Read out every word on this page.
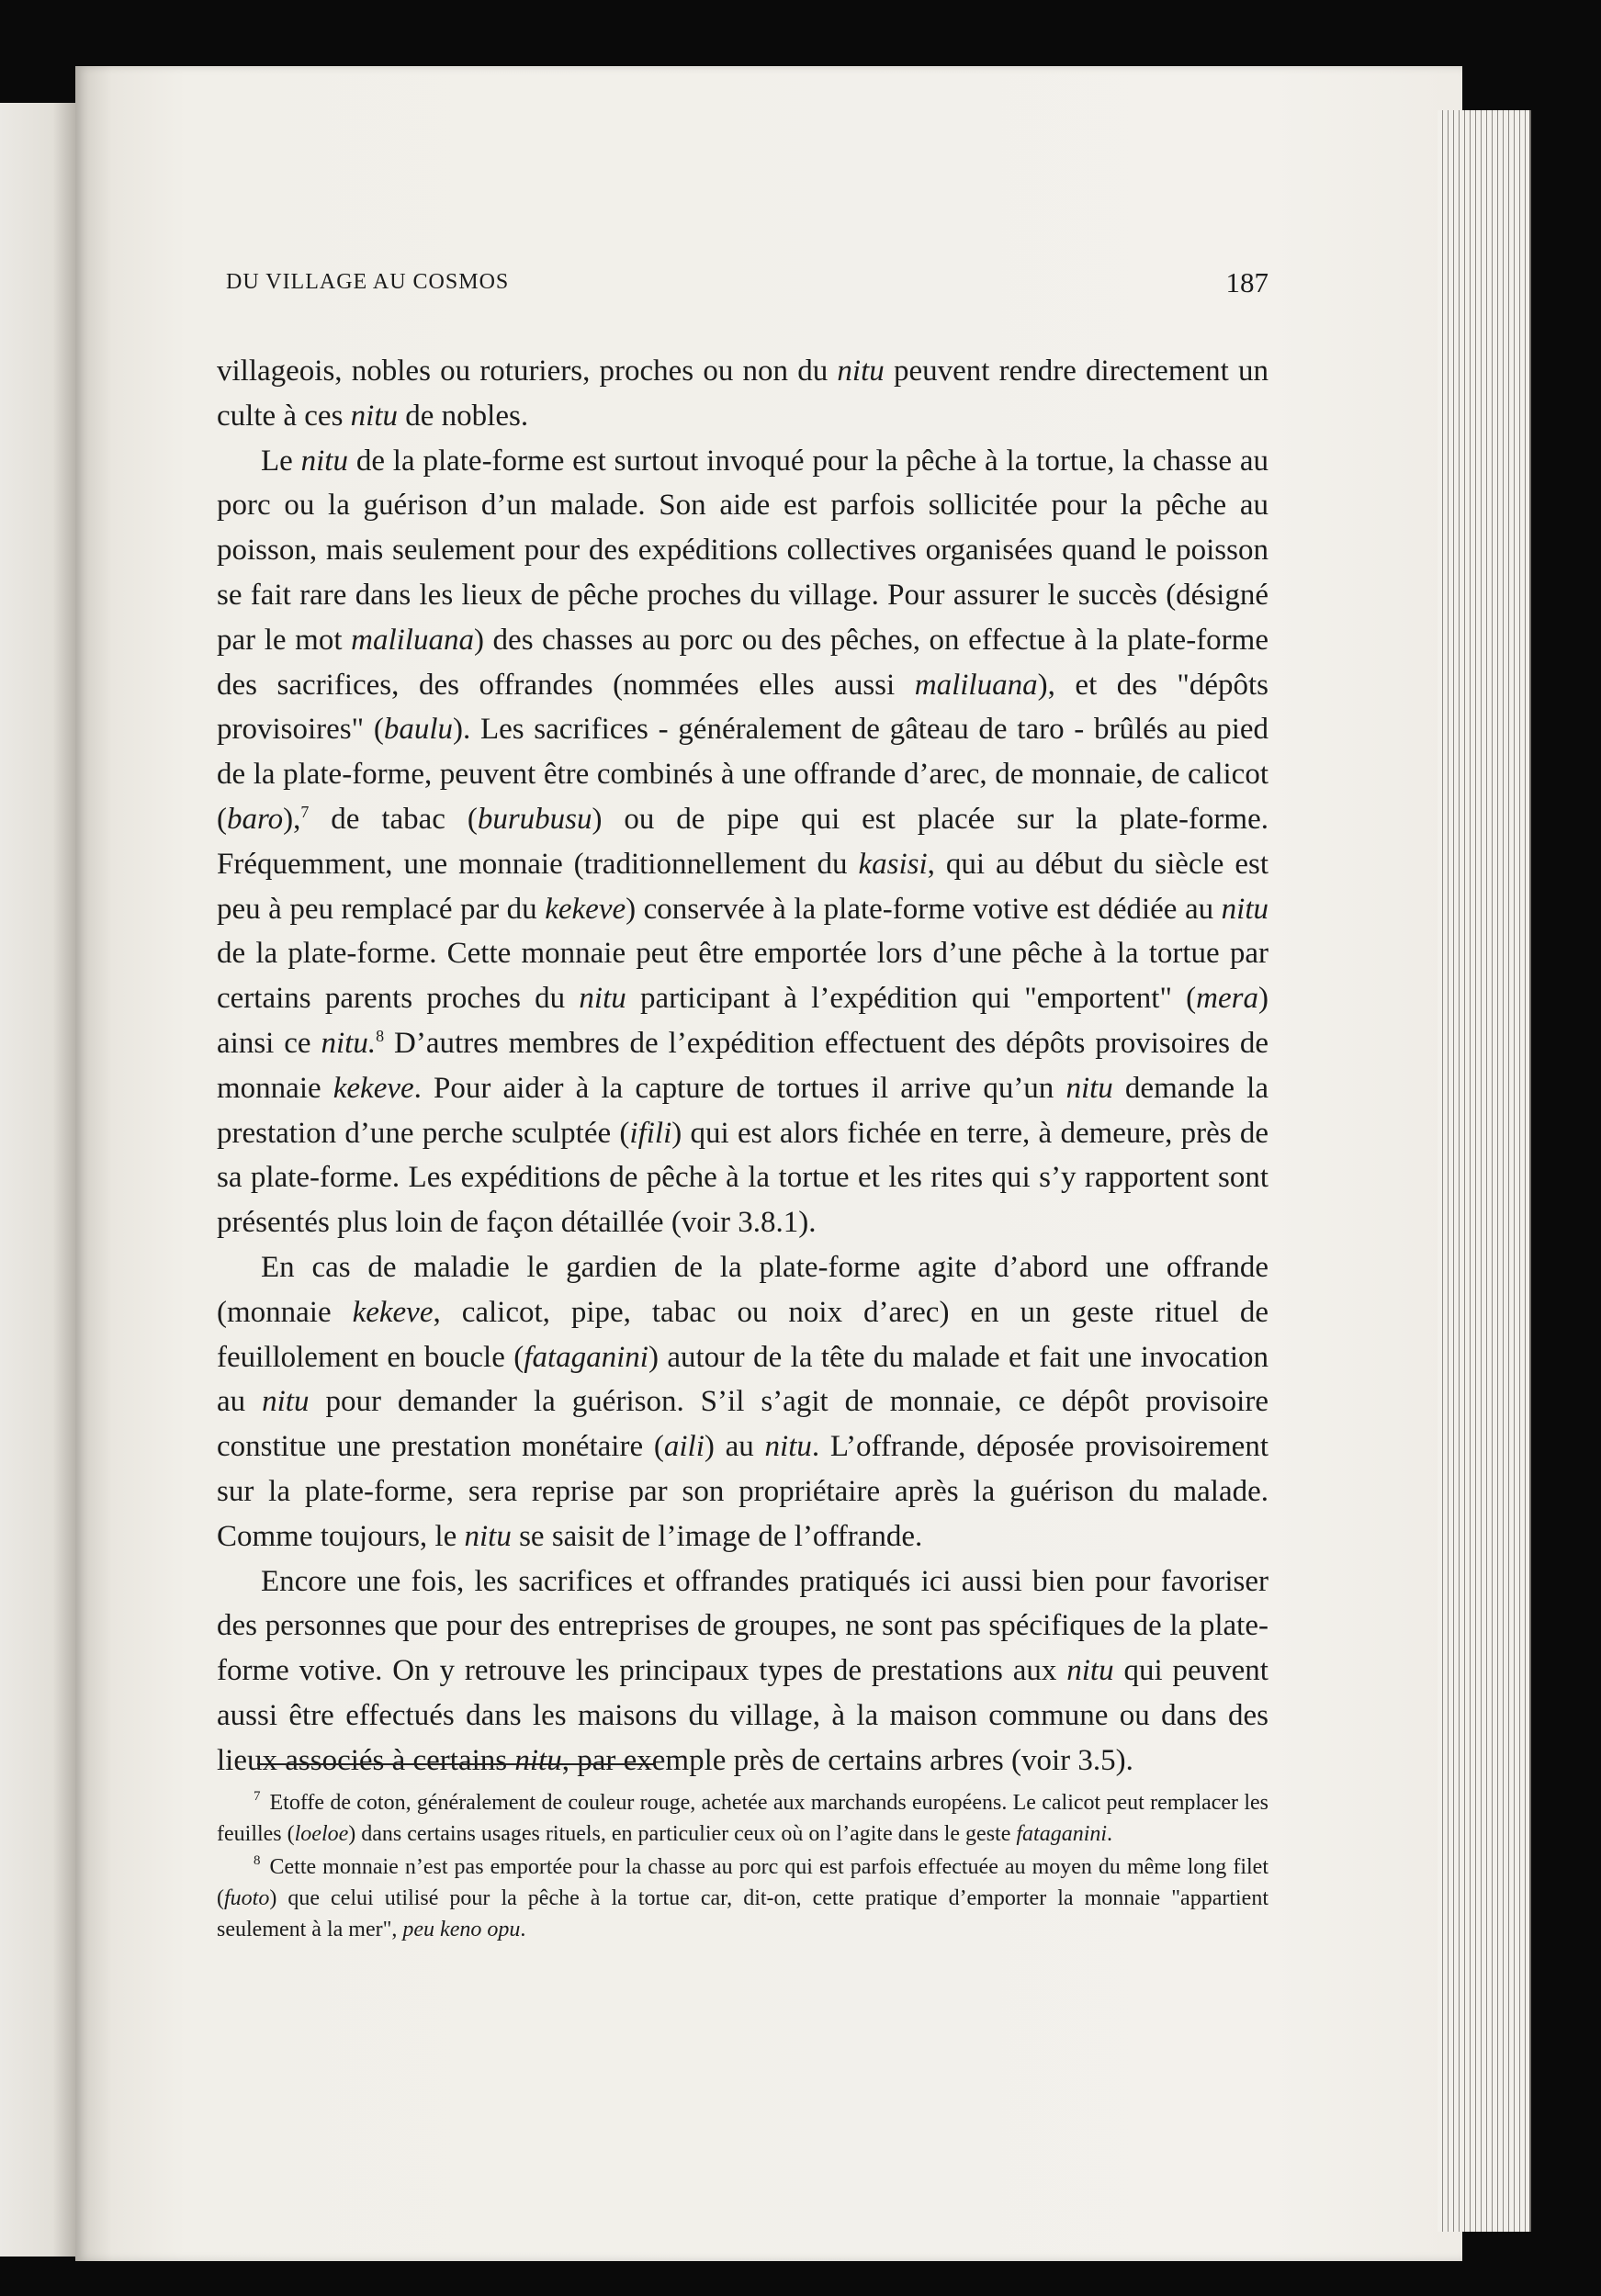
DU VILLAGE AU COSMOS	187

villageois, nobles ou roturiers, proches ou non du nitu peuvent rendre directement un culte à ces nitu de nobles.

Le nitu de la plate-forme est surtout invoqué pour la pêche à la tortue, la chasse au porc ou la guérison d’un malade. Son aide est parfois sollicitée pour la pêche au poisson, mais seulement pour des expéditions collectives organisées quand le poisson se fait rare dans les lieux de pêche proches du village. Pour assurer le succès (désigné par le mot maliluana) des chasses au porc ou des pêches, on effectue à la plate-forme des sacrifices, des offrandes (nommées elles aussi maliluana), et des "dépôts provisoires" (baulu). Les sacrifices - généralement de gâteau de taro - brûlés au pied de la plate-forme, peuvent être combinés à une offrande d’arec, de monnaie, de calicot (baro),$^7$ de tabac (burubusu) ou de pipe qui est placée sur la plate-forme. Fréquemment, une monnaie (traditionnellement du kasisi, qui au début du siècle est peu à peu remplacé par du kekeve) conservée à la plate-forme votive est dédiée au nitu de la plate-forme. Cette monnaie peut être emportée lors d’une pêche à la tortue par certains parents proches du nitu participant à l’expédition qui "emportent" (mera) ainsi ce nitu.$^8$ D’autres membres de l’expédition effectuent des dépôts provisoires de monnaie kekeve. Pour aider à la capture de tortues il arrive qu’un nitu demande la prestation d’une perche sculptée (ifili) qui est alors fichée en terre, à demeure, près de sa plate-forme. Les expéditions de pêche à la tortue et les rites qui s’y rapportent sont présentés plus loin de façon détaillée (voir 3.8.1).

En cas de maladie le gardien de la plate-forme agite d’abord une offrande (monnaie kekeve, calicot, pipe, tabac ou noix d’arec) en un geste rituel de feuillolement en boucle (fataganini) autour de la tête du malade et fait une invocation au nitu pour demander la guérison. S’il s’agit de monnaie, ce dépôt provisoire constitue une prestation monétaire (aili) au nitu. L’offrande, déposée provisoirement sur la plate-forme, sera reprise par son propriétaire après la guérison du malade. Comme toujours, le nitu se saisit de l’image de l’offrande.

Encore une fois, les sacrifices et offrandes pratiqués ici aussi bien pour favoriser des personnes que pour des entreprises de groupes, ne sont pas spécifiques de la plate-forme votive. On y retrouve les principaux types de prestations aux nitu qui peuvent aussi être effectués dans les maisons du village, à la maison commune ou dans des lieux associés à certains nitu, par exemple près de certains arbres (voir 3.5).

$^7$ Etoffe de coton, généralement de couleur rouge, achetée aux marchands européens. Le calicot peut remplacer les feuilles (loeloe) dans certains usages rituels, en particulier ceux où on l’agite dans le geste fataganini.

$^8$ Cette monnaie n’est pas emportée pour la chasse au porc qui est parfois effectuée au moyen du même long filet (fuoto) que celui utilisé pour la pêche à la tortue car, dit-on, cette pratique d’emporter la monnaie "appartient seulement à la mer", peu keno opu.
